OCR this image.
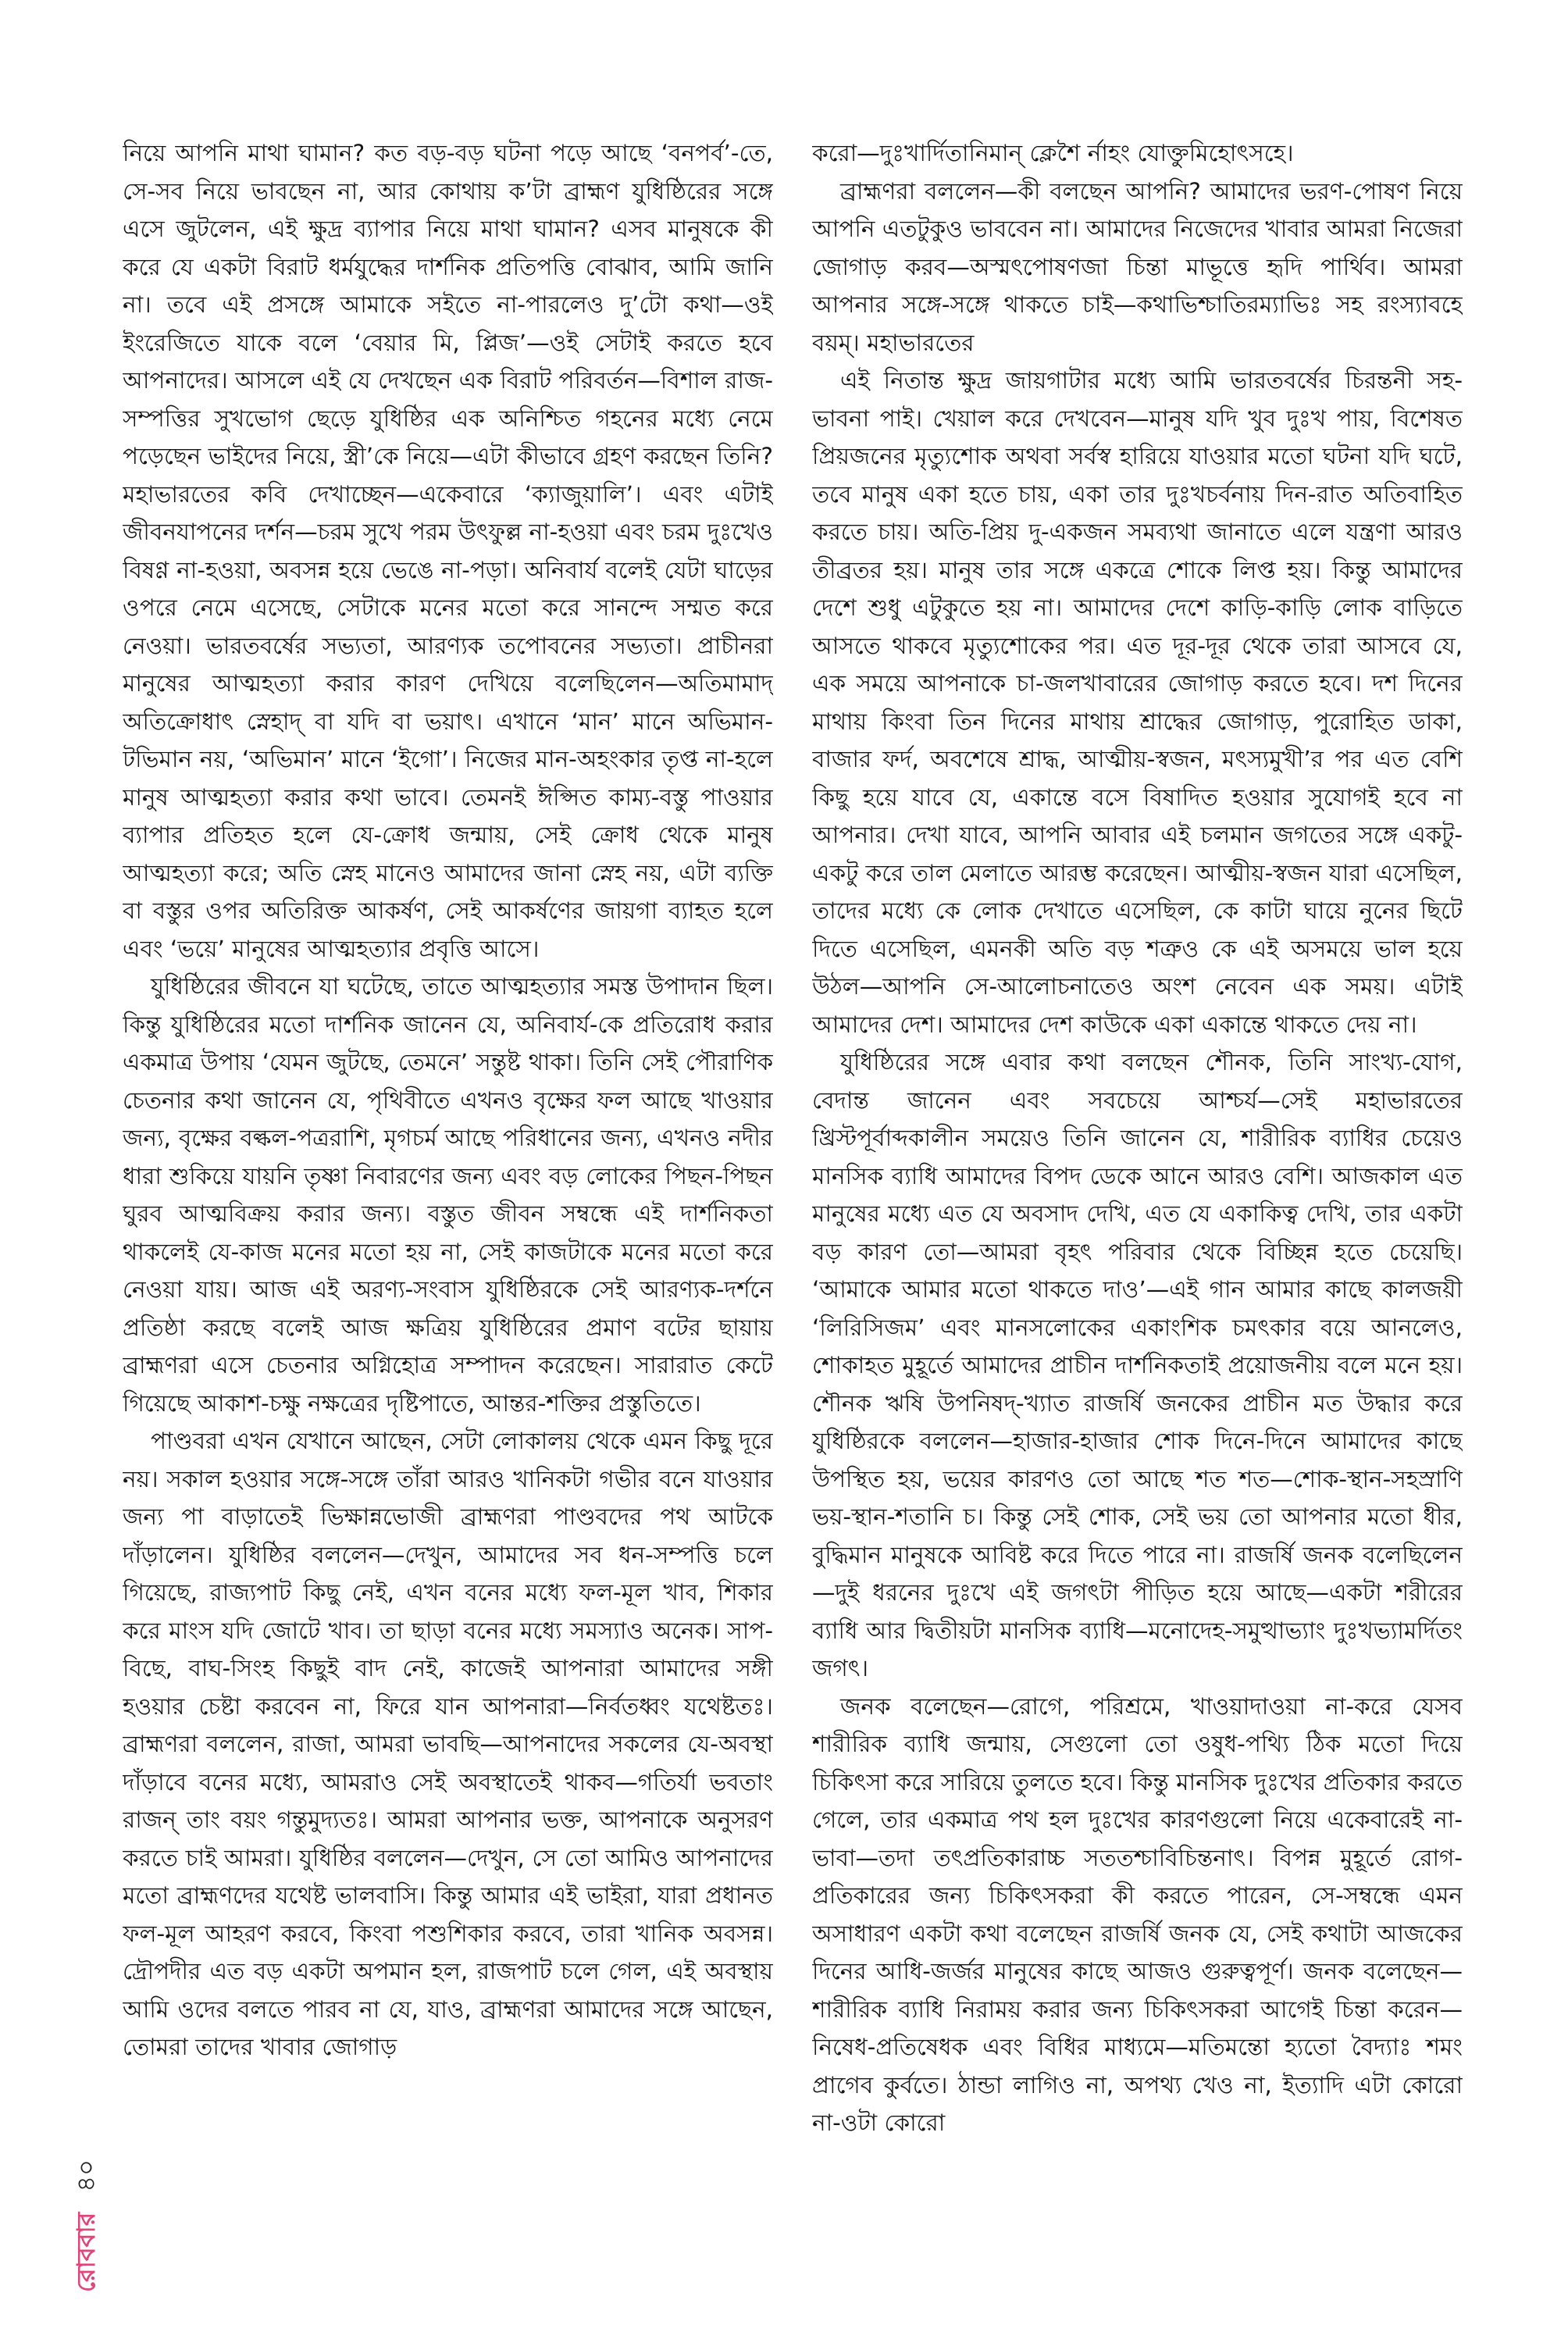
নিয়ে আপনি মাথা ঘামান? কত বড়-বড় ঘটনা পড়ে আছে ‘বনপর্ব’-তে, সে-সব নিয়ে ভাবছেন না, আর কোথায় ক’টা ব্রাহ্মণ যুধিষ্ঠিরের সঙ্গে এসে জুটলেন, এই ক্ষুদ্র ব্যাপার নিয়ে মাথা ঘামান? এসব মানুষকে কী করে যে একটা বিরাট ধর্মযুদ্ধের দার্শনিক প্রতিপত্তি বোঝাব, আমি জানি না। তবে এই প্রসঙ্গে আমাকে সইতে না-পারলেও দু’টো কথা—ওই ইংরেজিতে যাকে বলে ‘বেয়ার মি, প্লিজ’—ওই সেটাই করতে হবে আপনাদের। আসলে এই যে দেখছেন এক বিরাট পরিবর্তন—বিশাল রাজ-সম্পত্তির সুখভোগ ছেড়ে যুধিষ্ঠির এক অনিশ্চিত গহনের মধ্যে নেমে পড়েছেন ভাইদের নিয়ে, স্ত্রী’কে নিয়ে—এটা কীভাবে গ্রহণ করছেন তিনি? মহাভারতের কবি দেখাচ্ছেন—একেবারে ‘ক্যাজুয়ালি’। এবং এটাই জীবনযাপনের দর্শন—চরম সুখে পরম উৎফুল্ল না-হওয়া এবং চরম দুঃখেও বিষণ্ণ না-হওয়া, অবসন্ন হয়ে ভেঙে না-পড়া। অনিবার্য বলেই যেটা ঘাড়ের ওপরে নেমে এসেছে, সেটাকে মনের মতো করে সানন্দে সম্মত করে নেওয়া। ভারতবর্ষের সভ্যতা, আরণ্যক তপোবনের সভ্যতা। প্রাচীনরা মানুষের আত্মহত্যা করার কারণ দেখিয়ে বলেছিলেন—অতিমামাদ্ অতিক্রোধাৎ স্নেহাদ্ বা যদি বা ভয়াৎ। এখানে ‘মান’ মানে অভিমান-টভিমান নয়, ‘অভিমান’ মানে ‘ইগো’। নিজের মান-অহংকার তৃপ্ত না-হলে মানুষ আত্মহত্যা করার কথা ভাবে। তেমনই ঈপ্সিত কাম্য-বস্তু পাওয়ার ব্যাপার প্রতিহত হলে যে-ক্রোধ জন্মায়, সেই ক্রোধ থেকে মানুষ আত্মহত্যা করে; অতি স্নেহ মানেও আমাদের জানা স্নেহ নয়, এটা ব্যক্তি বা বস্তুর ওপর অতিরিক্ত আকর্ষণ, সেই আকর্ষণের জায়গা ব্যাহত হলে এবং ‘ভয়ে’ মানুষের আত্মহত্যার প্রবৃত্তি আসে।

যুধিষ্ঠিরের জীবনে যা ঘটেছে, তাতে আত্মহত্যার সমস্ত উপাদান ছিল। কিন্তু যুধিষ্ঠিরের মতো দার্শনিক জানেন যে, অনিবার্য-কে প্রতিরোধ করার একমাত্র উপায় ‘যেমন জুটছে, তেমনে’ সন্তুষ্ট থাকা। তিনি সেই পৌরাণিক চেতনার কথা জানেন যে, পৃথিবীতে এখনও বৃক্ষের ফল আছে খাওয়ার জন্য, বৃক্ষের বল্কল-পত্ররাশি, মৃগচর্ম আছে পরিধানের জন্য, এখনও নদীর ধারা শুকিয়ে যায়নি তৃষ্ণা নিবারণের জন্য এবং বড় লোকের পিছন-পিছন ঘুরব আত্মবিক্রয় করার জন্য। বস্তুত জীবন সম্বন্ধে এই দার্শনিকতা থাকলেই যে-কাজ মনের মতো হয় না, সেই কাজটাকে মনের মতো করে নেওয়া যায়। আজ এই অরণ্য-সংবাস যুধিষ্ঠিরকে সেই আরণ্যক-দর্শনে প্রতিষ্ঠা করছে বলেই আজ ক্ষত্রিয় যুধিষ্ঠিরের প্রমাণ বটের ছায়ায় ব্রাহ্মণরা এসে চেতনার অগ্নিহোত্র সম্পাদন করেছেন। সারারাত কেটে গিয়েছে আকাশ-চক্ষু নক্ষত্রের দৃষ্টিপাতে, আন্তর-শক্তির প্রস্তুতিতে।

পাণ্ডবরা এখন যেখানে আছেন, সেটা লোকালয় থেকে এমন কিছু দূরে নয়। সকাল হওয়ার সঙ্গে-সঙ্গে তাঁরা আরও খানিকটা গভীর বনে যাওয়ার জন্য পা বাড়াতেই ভিক্ষান্নভোজী ব্রাহ্মণরা পাণ্ডবদের পথ আটকে দাঁড়ালেন। যুধিষ্ঠির বললেন—দেখুন, আমাদের সব ধন-সম্পত্তি চলে গিয়েছে, রাজ্যপাট কিছু নেই, এখন বনের মধ্যে ফল-মূল খাব, শিকার করে মাংস যদি জোটে খাব। তা ছাড়া বনের মধ্যে সমস্যাও অনেক। সাপ-বিছে, বাঘ-সিংহ কিছুই বাদ নেই, কাজেই আপনারা আমাদের সঙ্গী হওয়ার চেষ্টা করবেন না, ফিরে যান আপনারা—নির্বতধ্বং যথেষ্টতঃ। ব্রাহ্মণরা বললেন, রাজা, আমরা ভাবছি—আপনাদের সকলের যে-অবস্থা দাঁড়াবে বনের মধ্যে, আমরাও সেই অবস্থাতেই থাকব—গতির্যা ভবতাং রাজন্ তাং বয়ং গন্তুমুদ্যতঃ। আমরা আপনার ভক্ত, আপনাকে অনুসরণ করতে চাই আমরা। যুধিষ্ঠির বললেন—দেখুন, সে তো আমিও আপনাদের মতো ব্রাহ্মণদের যথেষ্ট ভালবাসি। কিন্তু আমার এই ভাইরা, যারা প্রধানত ফল-মূল আহরণ করবে, কিংবা পশুশিকার করবে, তারা খানিক অবসন্ন। দ্রৌপদীর এত বড় একটা অপমান হল, রাজপাট চলে গেল, এই অবস্থায় আমি ওদের বলতে পারব না যে, যাও, ব্রাহ্মণরা আমাদের সঙ্গে আছেন, তোমরা তাদের খাবার জোগাড়

করো—দুঃখার্দিতানিমান্ ক্লেশৈ র্নাহং যোক্তুমিহোৎসহে।

ব্রাহ্মণরা বললেন—কী বলছেন আপনি? আমাদের ভরণ-পোষণ নিয়ে আপনি এতটুকুও ভাববেন না। আমাদের নিজেদের খাবার আমরা নিজেরা জোগাড় করব—অস্মৎপোষণজা চিন্তা মাভূত্তে হৃদি পার্থিব। আমরা আপনার সঙ্গে-সঙ্গে থাকতে চাই—কথাভিশ্চাতিরম্যাভিঃ সহ রংস্যাবহে বয়ম্। মহাভারতের

এই নিতান্ত ক্ষুদ্র জায়গাটার মধ্যে আমি ভারতবর্ষের চিরন্তনী সহ-ভাবনা পাই। খেয়াল করে দেখবেন—মানুষ যদি খুব দুঃখ পায়, বিশেষত প্রিয়জনের মৃত্যুশোক অথবা সর্বস্ব হারিয়ে যাওয়ার মতো ঘটনা যদি ঘটে, তবে মানুষ একা হতে চায়, একা তার দুঃখচর্বনায় দিন-রাত অতিবাহিত করতে চায়। অতি-প্রিয় দু-একজন সমব্যথা জানাতে এলে যন্ত্রণা আরও তীব্রতর হয়। মানুষ তার সঙ্গে একত্রে শোকে লিপ্ত হয়। কিন্তু আমাদের দেশে শুধু এটুকুতে হয় না। আমাদের দেশে কাড়ি-কাড়ি লোক বাড়িতে আসতে থাকবে মৃত্যুশোকের পর। এত দূর-দূর থেকে তারা আসবে যে, এক সময়ে আপনাকে চা-জলখাবারের জোগাড় করতে হবে। দশ দিনের মাথায় কিংবা তিন দিনের মাথায় শ্রাদ্ধের জোগাড়, পুরোহিত ডাকা, বাজার ফর্দ, অবশেষে শ্রাদ্ধ, আত্মীয়-স্বজন, মৎস্যমুখী’র পর এত বেশি কিছু হয়ে যাবে যে, একান্তে বসে বিষাদিত হওয়ার সুযোগই হবে না আপনার। দেখা যাবে, আপনি আবার এই চলমান জগতের সঙ্গে একটু-একটু করে তাল মেলাতে আরম্ভ করেছেন। আত্মীয়-স্বজন যারা এসেছিল, তাদের মধ্যে কে লোক দেখাতে এসেছিল, কে কাটা ঘায়ে নুনের ছিটে দিতে এসেছিল, এমনকী অতি বড় শত্রুও কে এই অসময়ে ভাল হয়ে উঠল—আপনি সে-আলোচনাতেও অংশ নেবেন এক সময়। এটাই আমাদের দেশ। আমাদের দেশ কাউকে একা একান্তে থাকতে দেয় না।

যুধিষ্ঠিরের সঙ্গে এবার কথা বলছেন শৌনক, তিনি সাংখ্য-যোগ, বেদান্ত জানেন এবং সবচেয়ে আশ্চর্য—সেই মহাভারতের খ্রিস্টপূর্বাব্দকালীন সময়েও তিনি জানেন যে, শারীরিক ব্যাধির চেয়েও মানসিক ব্যাধি আমাদের বিপদ ডেকে আনে আরও বেশি। আজকাল এত মানুষের মধ্যে এত যে অবসাদ দেখি, এত যে একাকিত্ব দেখি, তার একটা বড় কারণ তো—আমরা বৃহৎ পরিবার থেকে বিচ্ছিন্ন হতে চেয়েছি। ‘আমাকে আমার মতো থাকতে দাও’—এই গান আমার কাছে কালজয়ী ‘লিরিসিজম’ এবং মানসলোকের একাংশিক চমৎকার বয়ে আনলেও, শোকাহত মুহূর্তে আমাদের প্রাচীন দার্শনিকতাই প্রয়োজনীয় বলে মনে হয়। শৌনক ঋষি উপনিষদ্-খ্যাত রাজর্ষি জনকের প্রাচীন মত উদ্ধার করে যুধিষ্ঠিরকে বললেন—হাজার-হাজার শোক দিনে-দিনে আমাদের কাছে উপস্থিত হয়, ভয়ের কারণও তো আছে শত শত—শোক-স্থান-সহস্রাণি ভয়-স্থান-শতানি চ। কিন্তু সেই শোক, সেই ভয় তো আপনার মতো ধীর, বুদ্ধিমান মানুষকে আবিষ্ট করে দিতে পারে না। রাজর্ষি জনক বলেছিলেন—দুই ধরনের দুঃখে এই জগৎটা পীড়িত হয়ে আছে—একটা শরীরের ব্যাধি আর দ্বিতীয়টা মানসিক ব্যাধি—মনোদেহ-সমুত্থাভ্যাং দুঃখভ্যামর্দিতং জগৎ।

জনক বলেছেন—রোগে, পরিশ্রমে, খাওয়াদাওয়া না-করে যেসব শারীরিক ব্যাধি জন্মায়, সেগুলো তো ওষুধ-পথ্যি ঠিক মতো দিয়ে চিকিৎসা করে সারিয়ে তুলতে হবে। কিন্তু মানসিক দুঃখের প্রতিকার করতে গেলে, তার একমাত্র পথ হল দুঃখের কারণগুলো নিয়ে একেবারেই না-ভাবা—তদা তৎপ্রতিকারাচ্চ সততশ্চাবিচিন্তনাৎ। বিপন্ন মুহূর্তে রোগ-প্রতিকারের জন্য চিকিৎসকরা কী করতে পারেন, সে-সম্বন্ধে এমন অসাধারণ একটা কথা বলেছেন রাজর্ষি জনক যে, সেই কথাটা আজকের দিনের আধি-জর্জর মানুষের কাছে আজও গুরুত্বপূর্ণ। জনক বলেছেন—শারীরিক ব্যাধি নিরাময় করার জন্য চিকিৎসকরা আগেই চিন্তা করেন—নিষেধ-প্রতিষেধক এবং বিধির মাধ্যমে—মতিমন্তো হ্যতো বৈদ্যাঃ শমং প্রাগেব কুর্বতে। ঠান্ডা লাগিও না, অপথ্য খেও না, ইত্যাদি এটা কোরো না-ওটা কোরো

রোববার
৪০
